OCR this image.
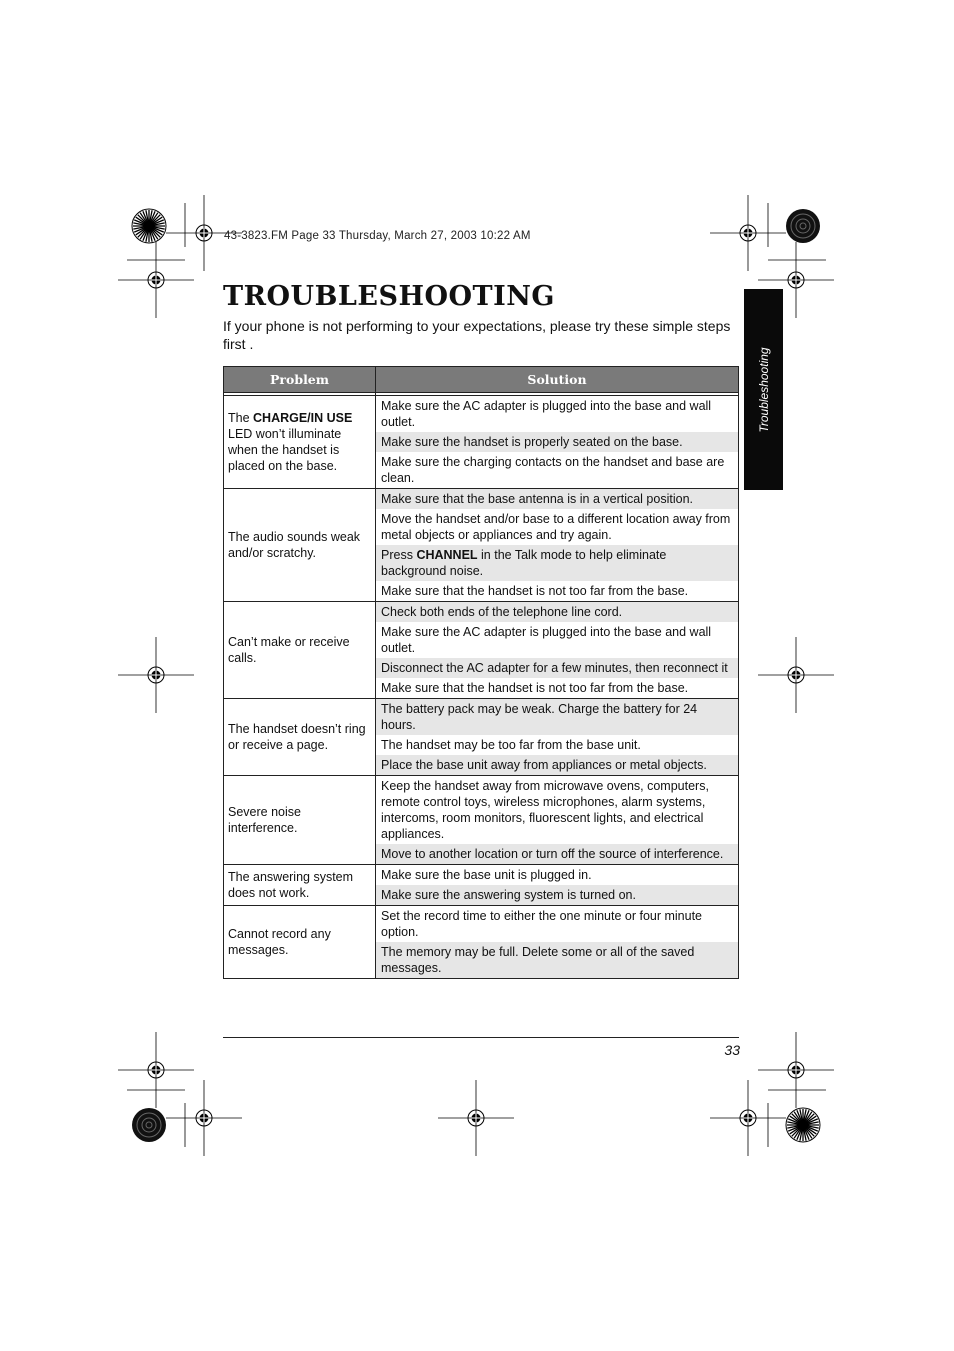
43-3823.FM Page 33 Thursday, March 27, 2003 10:22 AM
TROUBLESHOOTING

If your phone is not performing to your expectations, please try these simple steps first .

Troubleshooting
Problem	Solution

The CHARGE/IN USE LED won’t illuminate when the handset is placed on the base.	Make sure the AC adapter is plugged into the base and wall outlet.
	Make sure the handset is properly seated on the base.
	Make sure the charging contacts on the handset and base are clean.
The audio sounds weak and/or scratchy.	Make sure that the base antenna is in a vertical position.
	Move the handset and/or base to a different location away from metal objects or appliances and try again.
	Press CHANNEL in the Talk mode to help eliminate background noise.
	Make sure that the handset is not too far from the base.
Can’t make or receive calls.	Check both ends of the telephone line cord.
	Make sure the AC adapter is plugged into the base and wall outlet.
	Disconnect the AC adapter for a few minutes, then reconnect it
	Make sure that the handset is not too far from the base.
The handset doesn’t ring or receive a page.	The battery pack may be weak. Charge the battery for 24 hours.
	The handset may be too far from the base unit.
	Place the base unit away from appliances or metal objects.
Severe noise interference.	Keep the handset away from microwave ovens, computers, remote control toys, wireless microphones, alarm systems, intercoms, room monitors, fluorescent lights, and electrical appliances.
	Move to another location or turn off the source of interference.
The answering system does not work.	Make sure the base unit is plugged in.
	Make sure the answering system is turned on.
Cannot record any messages.	Set the record time to either the one minute or four minute option.
	The memory may be full. Delete some or all of the saved messages.
33
